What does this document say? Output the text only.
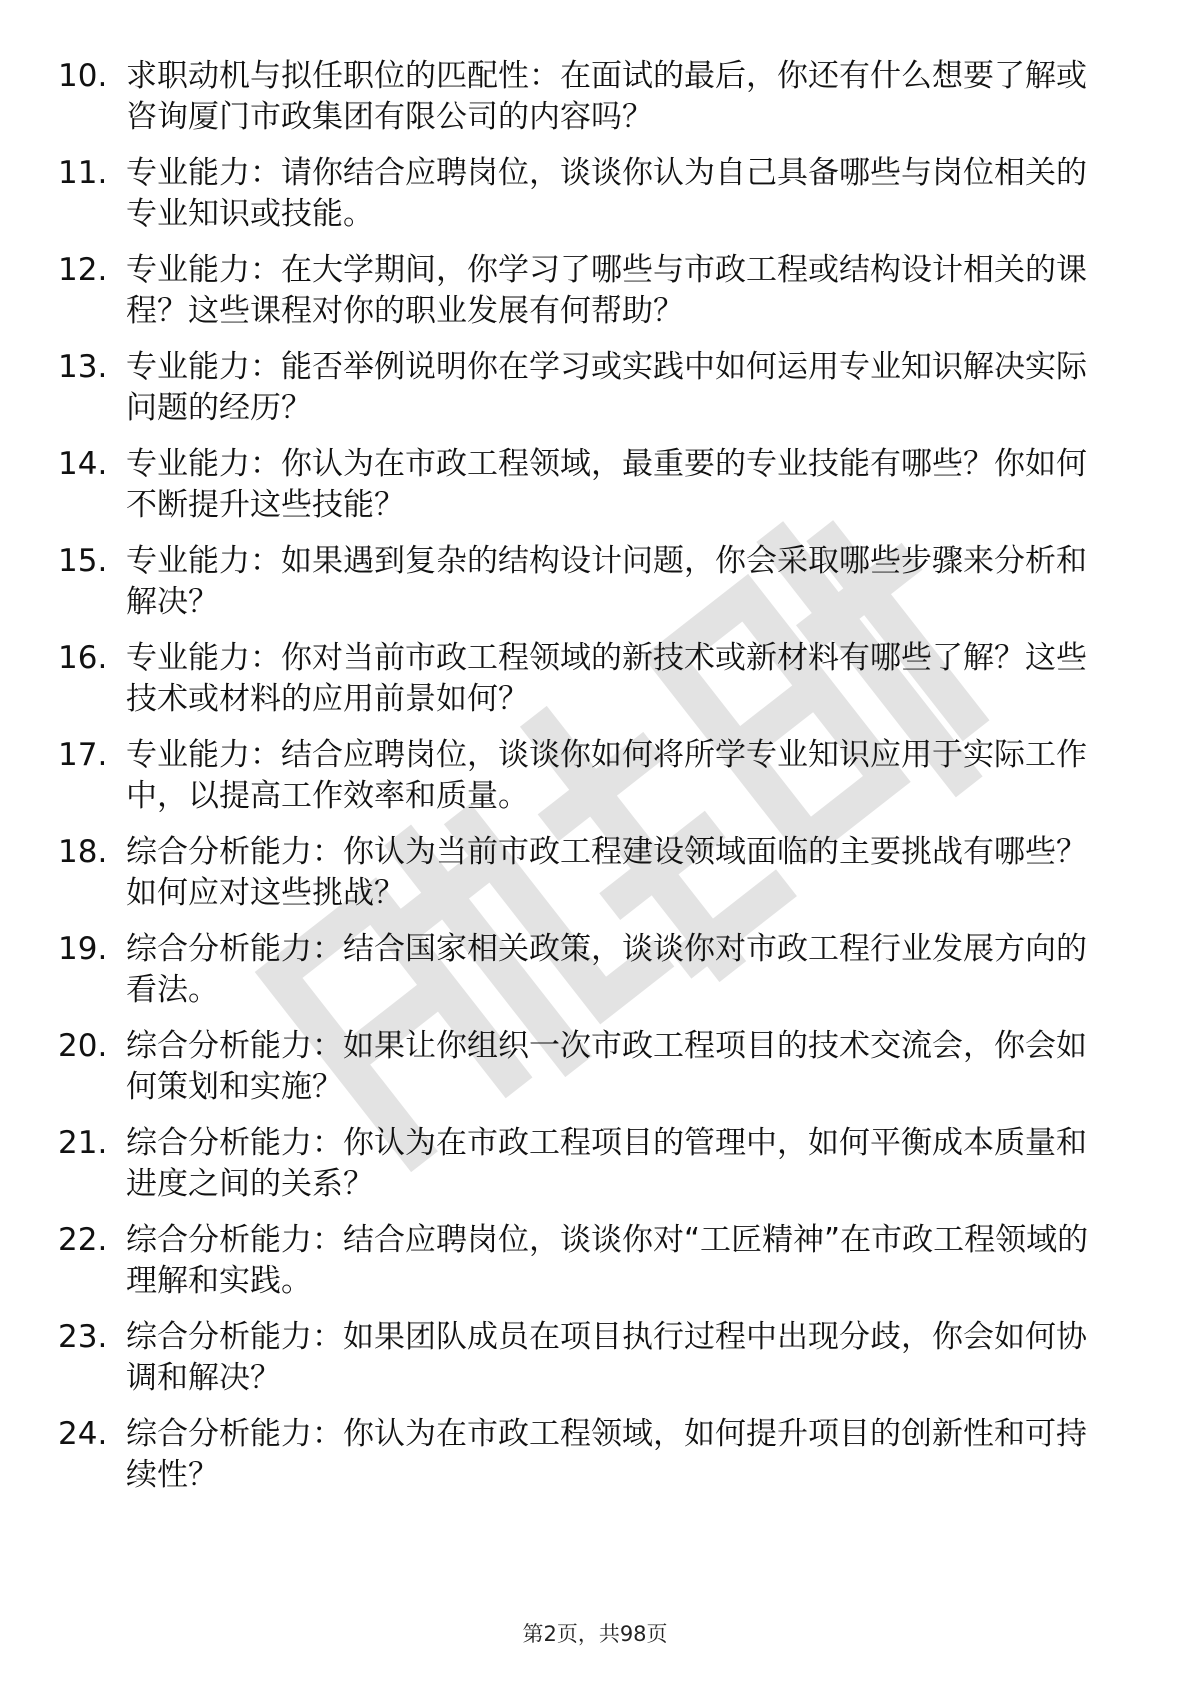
10. 求职动机与拟任职位的匹配性：在面试的最后，你还有什么想要了解或咨询厦门市政集团有限公司的内容吗？
11. 专业能力：请你结合应聘岗位，谈谈你认为自己具备哪些与岗位相关的专业知识或技能。
12. 专业能力：在大学期间，你学习了哪些与市政工程或结构设计相关的课程？这些课程对你的职业发展有何帮助？
13. 专业能力：能否举例说明你在学习或实践中如何运用专业知识解决实际问题的经历？
14. 专业能力：你认为在市政工程领域，最重要的专业技能有哪些？你如何不断提升这些技能？
15. 专业能力：如果遇到复杂的结构设计问题，你会采取哪些步骤来分析和解决？
16. 专业能力：你对当前市政工程领域的新技术或新材料有哪些了解？这些技术或材料的应用前景如何？
17. 专业能力：结合应聘岗位，谈谈你如何将所学专业知识应用于实际工作中，以提高工作效率和质量。
18. 综合分析能力：你认为当前市政工程建设领域面临的主要挑战有哪些？如何应对这些挑战？
19. 综合分析能力：结合国家相关政策，谈谈你对市政工程行业发展方向的看法。
20. 综合分析能力：如果让你组织一次市政工程项目的技术交流会，你会如何策划和实施？
21. 综合分析能力：你认为在市政工程项目的管理中，如何平衡成本质量和进度之间的关系？
22. 综合分析能力：结合应聘岗位，谈谈你对“工匠精神”在市政工程领域的理解和实践。
23. 综合分析能力：如果团队成员在项目执行过程中出现分歧，你会如何协调和解决？
24. 综合分析能力：你认为在市政工程领域，如何提升项目的创新性和可持续性？
第2页，共98页
